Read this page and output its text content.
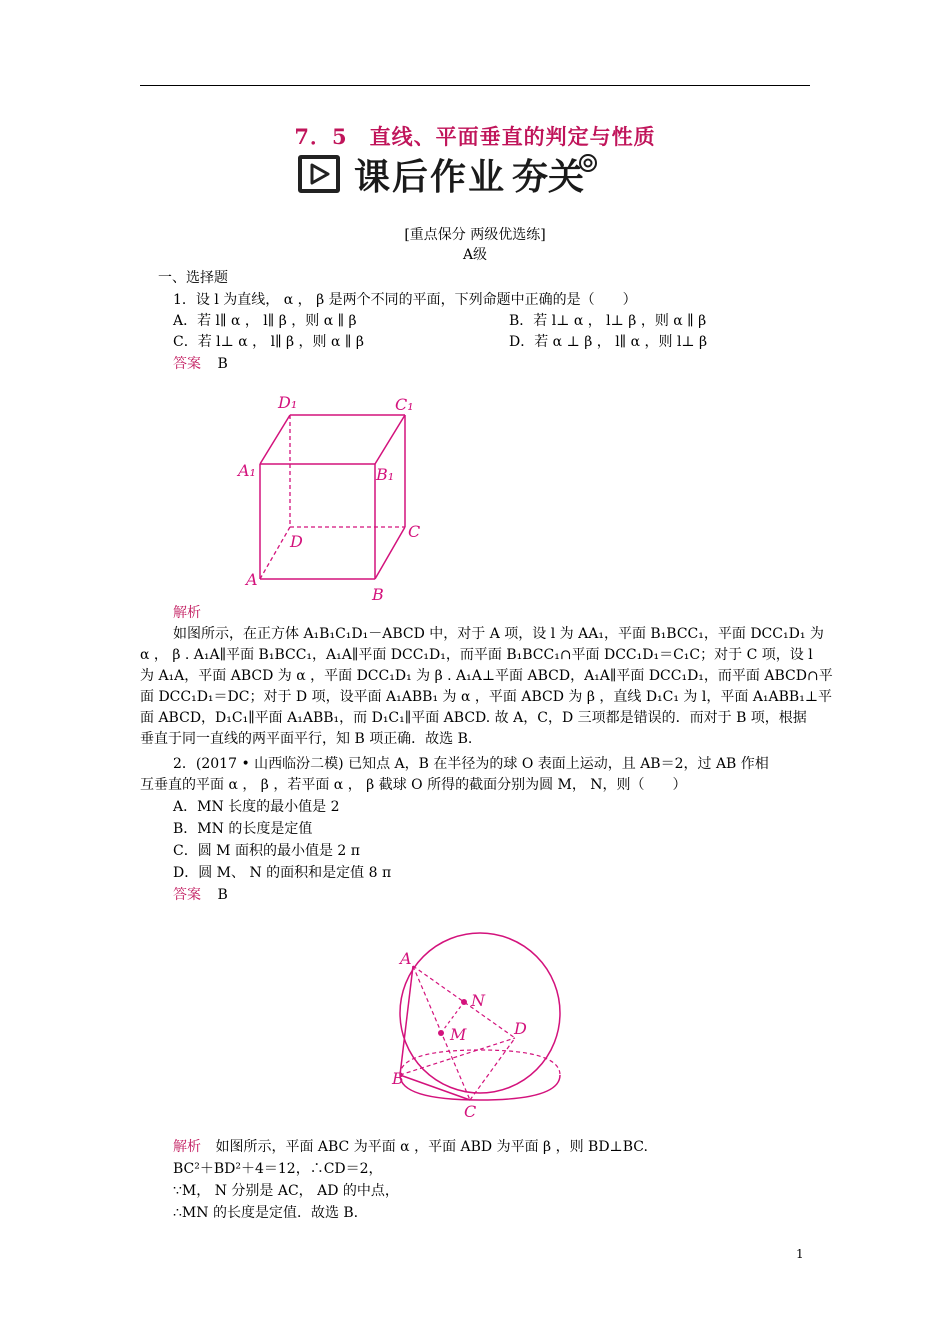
7．5　直线、平面垂直的判定与性质
课后作业 夯关
[重点保分 两级优选练]
A级
一、选择题
1．设 l 为直线， α ， β 是两个不同的平面，下列命题中正确的是（　　）
A．若 l∥ α ， l∥ β ，则 α ∥ β	B．若 l⊥ α ， l⊥ β ，则 α ∥ β
C．若 l⊥ α ， l∥ β ，则 α ∥ β	D．若 α ⊥ β ， l∥ α ，则 l⊥ β
答案 B
D₁	C₁
A₁	B₁
D
C
A
B
解析
如图所示，在正方体 A₁B₁C₁D₁－ABCD 中，对于 A 项，设 l 为 AA₁，平面 B₁BCC₁，平面 DCC₁D₁ 为
α ， β . A₁A∥平面 B₁BCC₁，A₁A∥平面 DCC₁D₁，而平面 B₁BCC₁∩平面 DCC₁D₁＝C₁C；对于 C 项，设 l
为 A₁A，平面 ABCD 为 α ，平面 DCC₁D₁ 为 β . A₁A⊥平面 ABCD，A₁A∥平面 DCC₁D₁，而平面 ABCD∩平
面 DCC₁D₁＝DC；对于 D 项，设平面 A₁ABB₁ 为 α ，平面 ABCD 为 β ，直线 D₁C₁ 为 l，平面 A₁ABB₁⊥平
面 ABCD，D₁C₁∥平面 A₁ABB₁，而 D₁C₁∥平面 ABCD. 故 A，C，D 三项都是错误的．而对于 B 项，根据
垂直于同一直线的两平面平行，知 B 项正确．故选 B.
2．(2017 • 山西临汾二模) 已知点 A，B 在半径为的球 O 表面上运动，且 AB＝2，过 AB 作相
互垂直的平面 α ， β ，若平面 α ， β 截球 O 所得的截面分别为圆 M， N，则（　　）
A．MN 长度的最小值是 2
B．MN 的长度是定值
C．圆 M 面积的最小值是 2 π
D．圆 M、 N 的面积和是定值 8 π
答案 B
A
N
M	D
B
C
解析 如图所示，平面 ABC 为平面 α ，平面 ABD 为平面 β ，则 BD⊥BC.
BC²＋BD²＋4＝12，∴CD＝2，
∵M， N 分别是 AC， AD 的中点，
∴MN 的长度是定值．故选 B.
1
